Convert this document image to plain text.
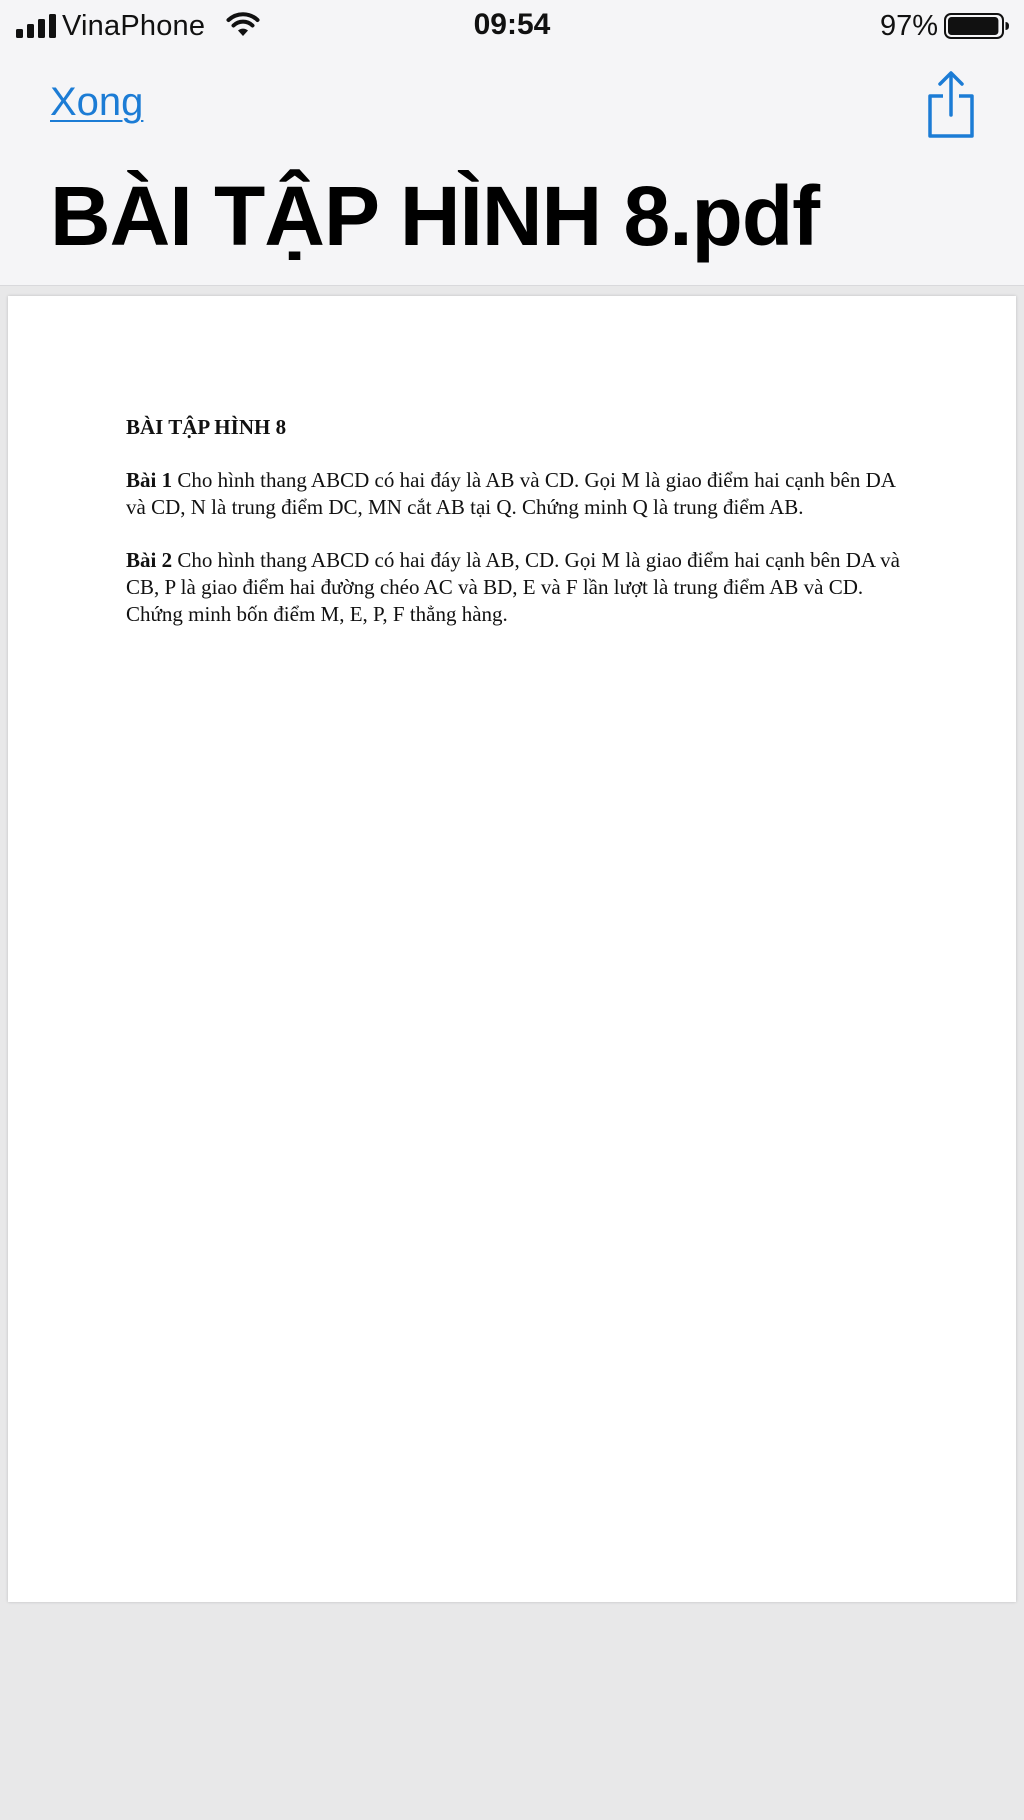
VinaPhone	09:54	97%
Xong
BÀI TẬP HÌNH 8.pdf

BÀI TẬP HÌNH 8

Bài 1 Cho hình thang ABCD có hai đáy là AB và CD. Gọi M là giao điểm hai cạnh bên DA và CD, N là trung điểm DC, MN cắt AB tại Q. Chứng minh Q là trung điểm AB.

Bài 2 Cho hình thang ABCD có hai đáy là AB, CD. Gọi M là giao điểm hai cạnh bên DA và CB, P là giao điểm hai đường chéo AC và BD, E và F lần lượt là trung điểm AB và CD. Chứng minh bốn điểm M, E, P, F thẳng hàng.
